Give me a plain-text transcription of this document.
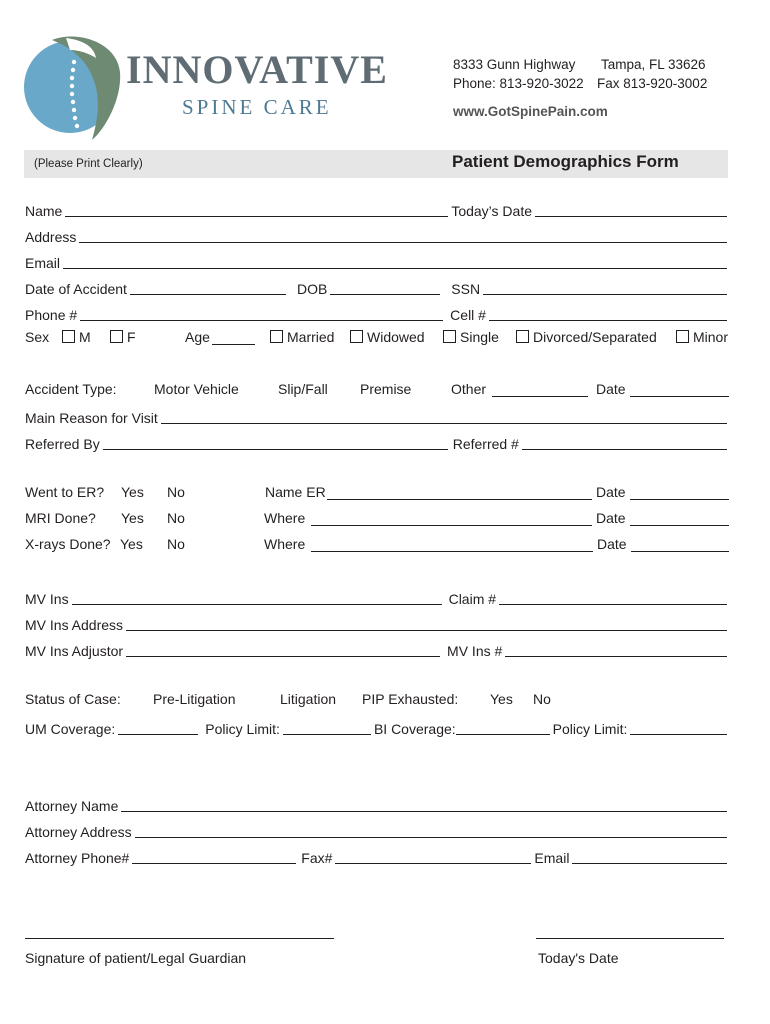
INNOVATIVE
SPINE CARE
8333 Gunn Highway Tampa, FL 33626
Phone: 813-920-3022 Fax 813-920-3002
www.GotSpinePain.com
(Please Print Clearly)	Patient Demographics Form
Name	Today’s Date
Address
Email
Date of Accident	DOB	SSN
Phone #	Cell #
Sex	M	F	Age	Married	Widowed	Single	Divorced/Separated	Minor
Accident Type:	Motor Vehicle	Slip/Fall Premise	Other	Date
Main Reason for Visit
Referred By	Referred #
Went to ER? Yes No	Name ER	Date
MRI Done? Yes No	Where	Date
X-rays Done? Yes No	Where	Date
MV Ins	Claim #
MV Ins Address
MV Ins Adjustor	MV Ins #
Status of Case: Pre-Litigation	Litigation PIP Exhausted: Yes No
UM Coverage:	Policy Limit:	BI Coverage:	Policy Limit:
Attorney Name
Attorney Address
Attorney Phone#	Fax#	Email
Signature of patient/Legal Guardian	Today's Date
